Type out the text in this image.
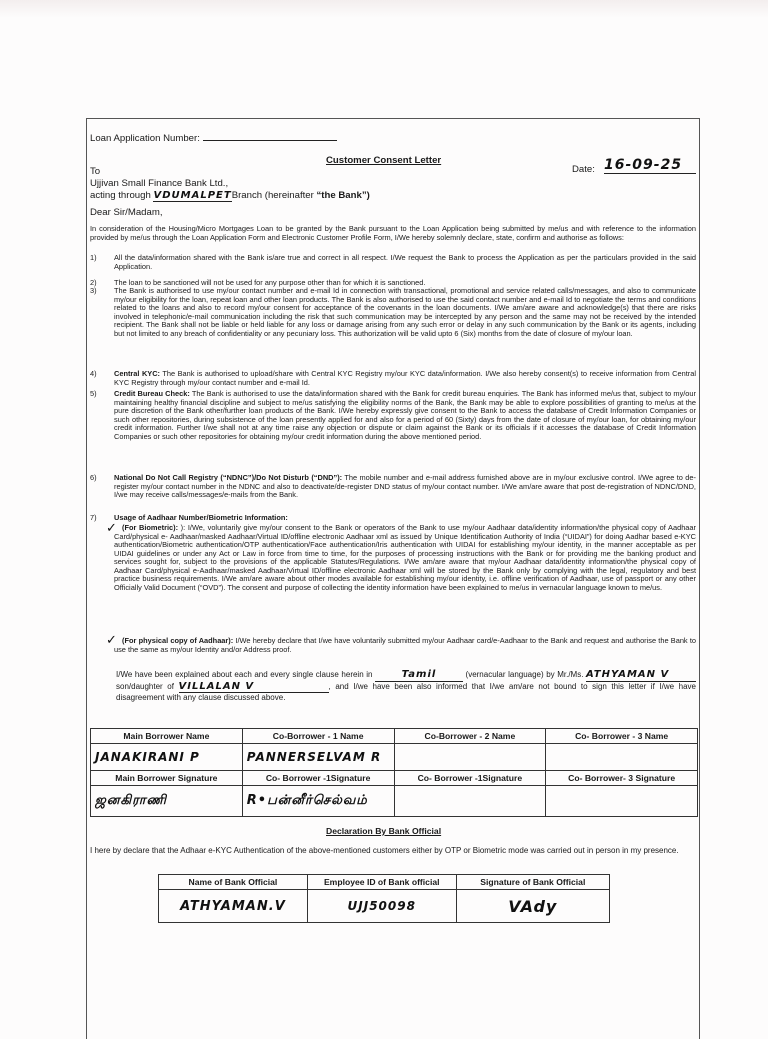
Loan Application Number:
Customer Consent Letter
Date: 16-09-25
To
Ujjivan Small Finance Bank Ltd.,
acting through VDUMALPETBranch (hereinafter “the Bank”)
Dear Sir/Madam,
In consideration of the Housing/Micro Mortgages Loan to be granted by the Bank pursuant to the Loan Application being submitted by me/us and with reference to the information provided by me/us through the Loan Application Form and Electronic Customer Profile Form, I/We hereby solemnly declare, state, confirm and authorise as follows:
1)	All the data/information shared with the Bank is/are true and correct in all respect. I/We request the Bank to process the Application as per the particulars provided in the said Application.
2)	The loan to be sanctioned will not be used for any purpose other than for which it is sanctioned.
3)	The Bank is authorised to use my/our contact number and e-mail Id in connection with transactional, promotional and service related calls/messages, and also to communicate my/our eligibility for the loan, repeat loan and other loan products. The Bank is also authorised to use the said contact number and e-mail Id to negotiate the terms and conditions related to the loans and also to record my/our consent for acceptance of the covenants in the loan documents. I/We am/are aware and acknowledge(s) that there are risks involved in telephonic/e-mail communication including the risk that such communication may be intercepted by any person and the same may not be received by the intended recipient. The Bank shall not be liable or held liable for any loss or damage arising from any such error or delay in any such communication by the Bank or its agents, including but not limited to any breach of confidentiality or any pecuniary loss. This authorization will be valid upto 6 (Six) months from the date of closure of my/our loan.
4)	Central KYC: The Bank is authorised to upload/share with Central KYC Registry my/our KYC data/information. I/We also hereby consent(s) to receive information from Central KYC Registry through my/our contact number and e-mail Id.
5)	Credit Bureau Check: The Bank is authorised to use the data/information shared with the Bank for credit bureau enquiries. The Bank has informed me/us that, subject to my/our maintaining healthy financial discipline and subject to me/us satisfying the eligibility norms of the Bank, the Bank may be able to explore possibilities of granting to me/us at the pure discretion of the Bank other/further loan products of the Bank. I/We hereby expressly give consent to the Bank to access the database of Credit Information Companies or such other repositories, during subsistence of the loan presently applied for and also for a period of 60 (Sixty) days from the date of closure of my/our loan, for obtaining my/our credit information. Further I/we shall not at any time raise any objection or dispute or claim against the Bank or its officials if it accesses the database of Credit Information Companies or such other repositories for obtaining my/our credit information during the above mentioned period.
6)	National Do Not Call Registry (“NDNC”)/Do Not Disturb (“DND”): The mobile number and e-mail address furnished above are in my/our exclusive control. I/We agree to de-register my/our contact number in the NDNC and also to deactivate/de-register DND status of my/our contact number. I/We am/are aware that post de-registration of NDNC/DND, I/we may receive calls/messages/e-mails from the Bank.
7)	Usage of Aadhaar Number/Biometric Information:
✓ (For Biometric): ): I/We, voluntarily give my/our consent to the Bank or operators of the Bank to use my/our Aadhaar data/identity information/the physical copy of Aadhaar Card/physical e- Aadhaar/masked Aadhaar/Virtual ID/offline electronic Aadhaar xml as issued by Unique Identification Authority of India (“UIDAI”) for doing Aadhar based e-KYC authentication/Biometric authentication/OTP authentication/Face authentication/Iris authentication with UIDAI for establishing my/our identity, in the manner acceptable as per UIDAI guidelines or under any Act or Law in force from time to time, for the purposes of processing instructions with the Bank or for providing me the banking product and services sought for, subject to the provisions of the applicable Statutes/Regulations. I/We am/are aware that my/our Aadhaar data/identity information/the physical copy of Aadhaar Card/physical e-Aadhaar/masked Aadhaar/Virtual ID/offline electronic Aadhaar xml will be stored by the Bank only by complying with the legal, regulatory and best practice business requirements. I/We am/are aware about other modes available for establishing my/our identity, i.e. offline verification of Aadhaar, use of passport or any other Officially Valid Document (“OVD”). The consent and purpose of collecting the identity information have been explained to me/us in vernacular language known to me/us.
✓ (For physical copy of Aadhaar): I/We hereby declare that I/we have voluntarily submitted my/our Aadhaar card/e-Aadhaar to the Bank and request and authorise the Bank to use the same as my/our Identity and/or Address proof.
I/We have been explained about each and every single clause herein in	Tamil	(vernacular language) by Mr./Ms. ATHYAMAN V son/daughter of VILLALAN V	, and I/we have been also informed that I/we am/are not bound to sign this letter if I/we have disagreement with any clause discussed above.
Main Borrower Name	Co-Borrower - 1 Name	Co-Borrower - 2 Name	Co- Borrower - 3 Name
JANAKIRANI P	PANNERSELVAM R		
Main Borrower Signature	Co- Borrower -1Signature	Co- Borrower -1Signature	Co- Borrower- 3 Signature
ஜனகிராணி	R•பன்னீர்செல்வம்		
Declaration By Bank Official
I here by declare that the Adhaar e-KYC Authentication of the above-mentioned customers either by OTP or Biometric mode was carried out in person in my presence.
Name of Bank Official	Employee ID of Bank official	Signature of Bank Official
ATHYAMAN.V	UJJ50098	VAdy
